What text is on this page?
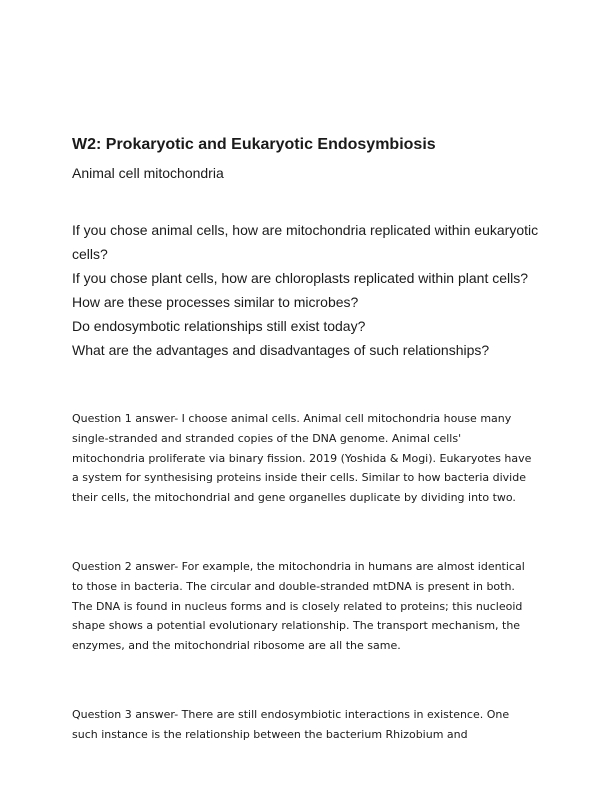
W2: Prokaryotic and Eukaryotic Endosymbiosis

Animal cell mitochondria

If you chose animal cells, how are mitochondria replicated within eukaryotic cells?
If you chose plant cells, how are chloroplasts replicated within plant cells?
How are these processes similar to microbes?
Do endosymbotic relationships still exist today?
What are the advantages and disadvantages of such relationships?

Question 1 answer- I choose animal cells. Animal cell mitochondria house many single-stranded and stranded copies of the DNA genome. Animal cells' mitochondria proliferate via binary fission. 2019 (Yoshida & Mogi). Eukaryotes have a system for synthesising proteins inside their cells. Similar to how bacteria divide their cells, the mitochondrial and gene organelles duplicate by dividing into two.

Question 2 answer- For example, the mitochondria in humans are almost identical to those in bacteria. The circular and double-stranded mtDNA is present in both. The DNA is found in nucleus forms and is closely related to proteins; this nucleoid shape shows a potential evolutionary relationship. The transport mechanism, the enzymes, and the mitochondrial ribosome are all the same.

Question 3 answer- There are still endosymbiotic interactions in existence. One such instance is the relationship between the bacterium Rhizobium and
